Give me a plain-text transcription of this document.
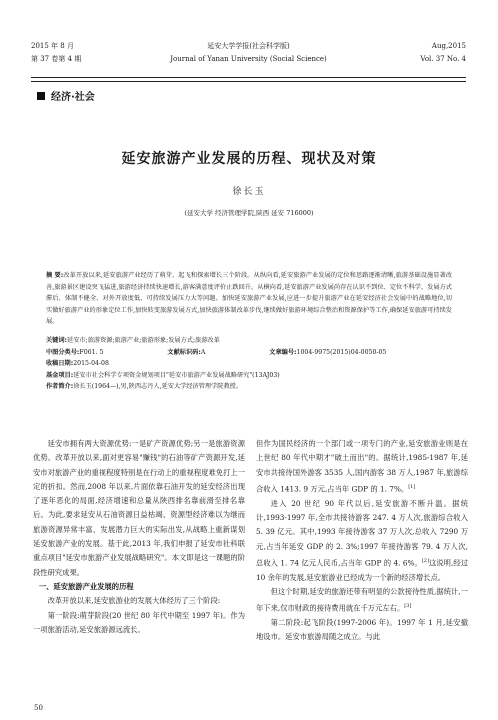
2015 年 8 月
第 37 卷第 4 期
延安大学学报(社会科学版)
Journal of Yanan University (Social Science)
Aug,2015
Vol. 37 No. 4
经济·社会
延安旅游产业发展的历程、现状及对策
徐长玉
(延安大学 经济管理学院,陕西 延安 716000)
摘 要:改革开放以来,延安旅游产业经历了萌芽、起飞和探索增长三个阶段。从纵向看,延安旅游产业发展的定位和思路逐渐清晰,旅游基础设施显著改善,旅游景区建设突飞猛进,旅游经济持续快速增长,游客满意度评价止跌回升。从横向看,延安旅游产业发展尚存在认识不到位、定位不科学、发展方式滞后、体制不健全、对外开放度低、可持续发展压力大等问题。加快延安旅游产业发展,应进一步提升旅游产业在延安经济社会发展中的战略地位,切实做好旅游产业的形象定位工作,加快转变旅游发展方式,加快旅游体制改革步伐,继续做好旅游环境综合整治和资源保护等工作,确保延安旅游可持续发展。
关键词:延安市;旅游资源;旅游产业;旅游形象;发展方式;旅游改革
中图分类号:F061. 5	文献标识码:A	文章编号:1004-9975(2015)04-0050-05
收稿日期:2015-04-08
基金项目:延安市社会科学专项资金规划项目"延安市旅游产业发展战略研究"(13AJ03)
作者简介:徐长玉(1964—),男,陕西志丹人,延安大学经济管理学院教授。

延安市拥有两大资源优势:一是矿产资源优势;另一是旅游资源优势。改革开放以来,面对更容易"赚钱"的石油等矿产资源开发,延安市对旅游产业的重视程度特别是在行动上的重视程度难免打上一定的折扣。然而,2008 年以来,片面依靠石油开发的延安经济出现了逐年恶化的局面,经济增速和总量从陕西排名靠前滑至排名靠后。为此,要求延安从石油资源日益枯竭、资源型经济难以为继而旅游资源异常丰富、发展潜力巨大的实际出发,从战略上重新谋划延安旅游产业的发展。基于此,2013 年,我们申报了延安市社科联重点项目"延安市旅游产业发展战略研究"。本文即是这一课题的阶段性研究成果。

一、延安旅游产业发展的历程

改革开放以来,延安旅游业的发展大体经历了三个阶段:

第一阶段:萌芽阶段(20 世纪 80 年代中期至 1997 年)。作为一项旅游活动,延安旅游源远流长。

但作为国民经济的一个部门或一项专门的产业,延安旅游业则是在上世纪 80 年代中期才"破土而出"的。据统计,1985-1987 年,延安市共接待国外游客 3535 人,国内游客 38 万人,1987 年,旅游综合收入 1413. 9 万元,占当年 GDP 的 1. 7%。[1]

进入 20 世纪 90 年代以后,延安旅游不断升温。据统计,1993-1997 年,全市共接待游客 247. 4 万人次,旅游综合收入 5. 39 亿元。其中,1993 年接待游客 37 万人次,总收入 7290 万元,占当年延安 GDP 的 2. 3%;1997 年接待游客 79. 4 万人次,总收入 1. 74 亿元人民币,占当年 GDP 的 4. 6%。[2]这说明,经过 10 余年的发展,延安旅游业已经成为一个新的经济增长点。

但这个时期,延安的旅游还带有明显的公款接待性质,据统计,一年下来,仅市财政的接待费用就在千万元左右。[3]

第二阶段:起飞阶段(1997-2006 年)。1997 年 1 月,延安撤地设市。延安市旅游局随之成立。与此

50
